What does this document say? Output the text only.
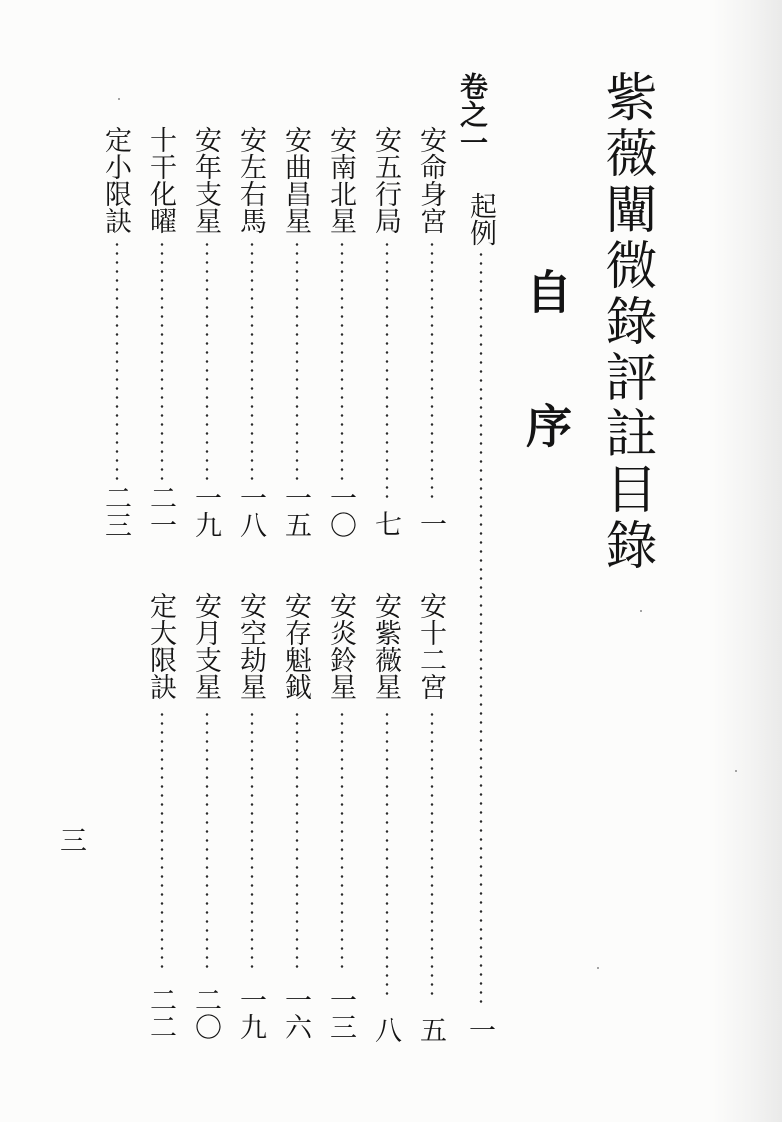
紫薇闡微錄評註目錄
自序
卷之一
起例
一
安命身宮
一
安十二宮
五
安五行局
七
安紫薇星
八
安南北星
一〇
安炎鈴星
一三
安曲昌星
一五
安存魁鉞
一六
安左右馬
一八
安空劫星
一九
安年支星
一九
安月支星
二〇
十干化曜
二一
定大限訣
二二
定小限訣
二三
三
